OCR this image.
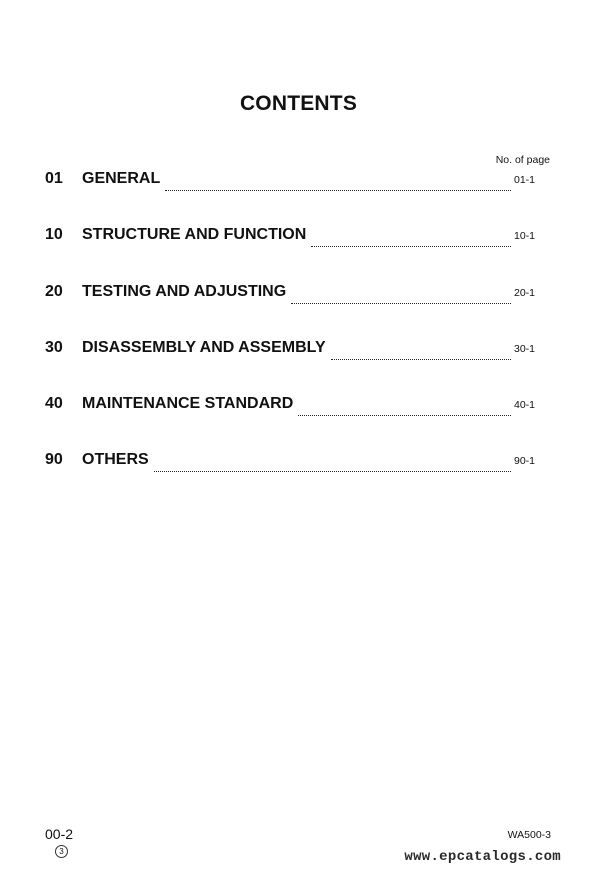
CONTENTS
No. of page
01	GENERAL	01-1
10	STRUCTURE AND FUNCTION	10-1
20	TESTING AND ADJUSTING	20-1
30	DISASSEMBLY AND ASSEMBLY	30-1
40	MAINTENANCE STANDARD	40-1
90	OTHERS	90-1
00-2
3
WA500-3
www.epcatalogs.com
